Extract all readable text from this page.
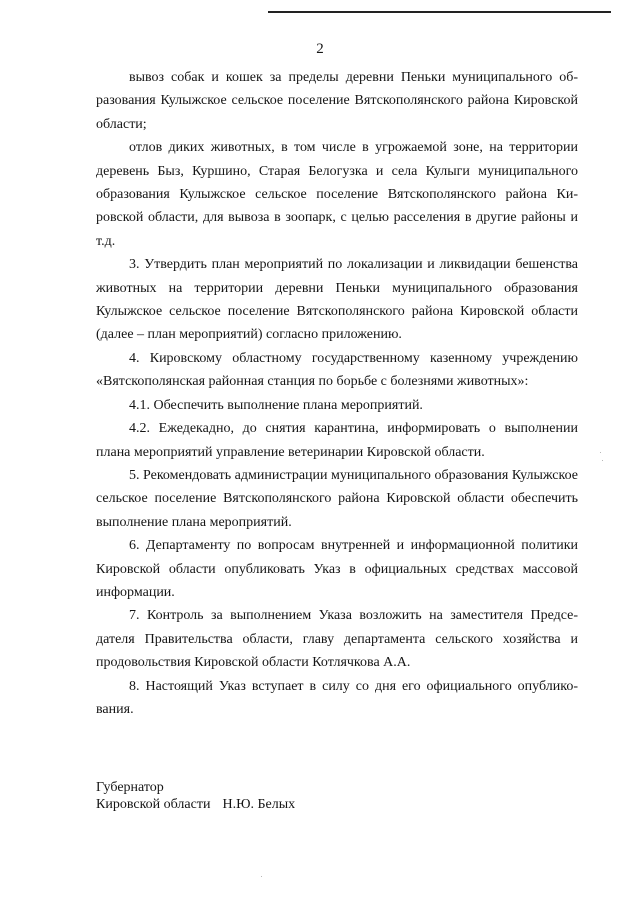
2

вывоз собак и кошек за пределы деревни Пеньки муниципального образования Кулыжское сельское поселение Вятскополянского района Кировской области;

отлов диких животных, в том числе в угрожаемой зоне, на территории деревень Быз, Куршино, Старая Белогузка и села Кулыги муниципального образования Кулыжское сельское поселение Вятскополянского района Кировской области, для вывоза в зоопарк, с целью расселения в другие районы и т.д.

3. Утвердить план мероприятий по локализации и ликвидации бешенства животных на территории деревни Пеньки муниципального образования Кулыжское сельское поселение Вятскополянского района Кировской области (далее – план мероприятий) согласно приложению.

4. Кировскому областному государственному казенному учреждению «Вятскополянская районная станция по борьбе с болезнями животных»:

4.1. Обеспечить выполнение плана мероприятий.

4.2. Ежедекадно, до снятия карантина, информировать о выполнении плана мероприятий управление ветеринарии Кировской области.

5. Рекомендовать администрации муниципального образования Кулыжское сельское поселение Вятскополянского района Кировской области обеспечить выполнение плана мероприятий.

6. Департаменту по вопросам внутренней и информационной политики Кировской области опубликовать Указ в официальных средствах массовой информации.

7. Контроль за выполнением Указа возложить на заместителя Председателя Правительства области, главу департамента сельского хозяйства и продовольствия Кировской области Котлячкова А.А.

8. Настоящий Указ вступает в силу со дня его официального опубликования.

Губернатор
Кировской области Н.Ю. Белых
